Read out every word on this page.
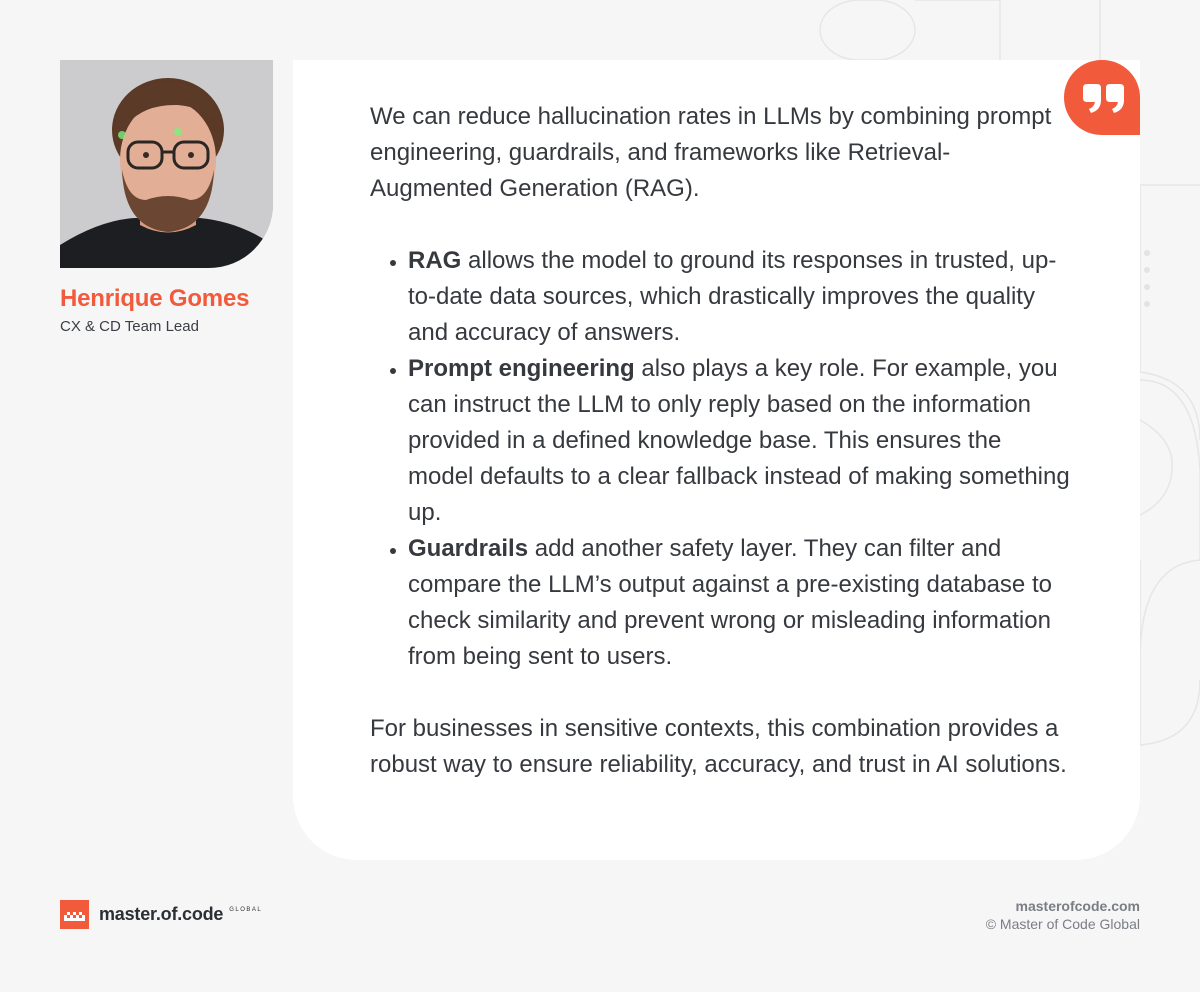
Henrique Gomes
CX & CD Team Lead

We can reduce hallucination rates in LLMs by combining prompt engineering, guardrails, and frameworks like Retrieval-Augmented Generation (RAG).

• RAG allows the model to ground its responses in trusted, up-to-date data sources, which drastically improves the quality and accuracy of answers.
• Prompt engineering also plays a key role. For example, you can instruct the LLM to only reply based on the information provided in a defined knowledge base. This ensures the model defaults to a clear fallback instead of making something up.
• Guardrails add another safety layer. They can filter and compare the LLM’s output against a pre-existing database to check similarity and prevent wrong or misleading information from being sent to users.

For businesses in sensitive contexts, this combination provides a robust way to ensure reliability, accuracy, and trust in AI solutions.

master.of.code GLOBAL	masterofcode.com
© Master of Code Global
